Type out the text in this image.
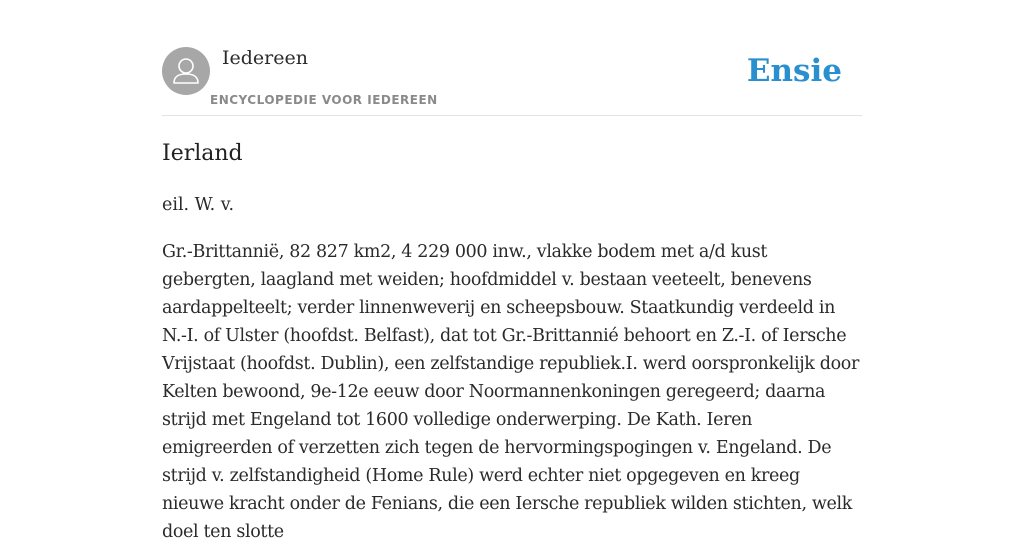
Iedereen
ENCYCLOPEDIE VOOR IEDEREEN
Ensie
Ierland

eil. W. v.

Gr.-Brittannië, 82 827 km2, 4 229 000 inw., vlakke bodem met a/d kust gebergten, laagland met weiden; hoofdmiddel v. bestaan veeteelt, benevens aardappelteelt; verder linnenweverij en scheepsbouw. Staatkundig verdeeld in N.-I. of Ulster (hoofdst. Belfast), dat tot Gr.-Brittannié behoort en Z.-I. of Iersche Vrijstaat (hoofdst. Dublin), een zelfstandige republiek.I. werd oorspronkelijk door Kelten bewoond, 9e-12e eeuw door Noormannenkoningen geregeerd; daarna strijd met Engeland tot 1600 volledige onderwerping. De Kath. Ieren emigreerden of verzetten zich tegen de hervormingspogingen v. Engeland. De strijd v. zelfstandigheid (Home Rule) werd echter niet opgegeven en kreeg nieuwe kracht onder de Fenians, die een Iersche republiek wilden stichten, welk doel ten slotte
